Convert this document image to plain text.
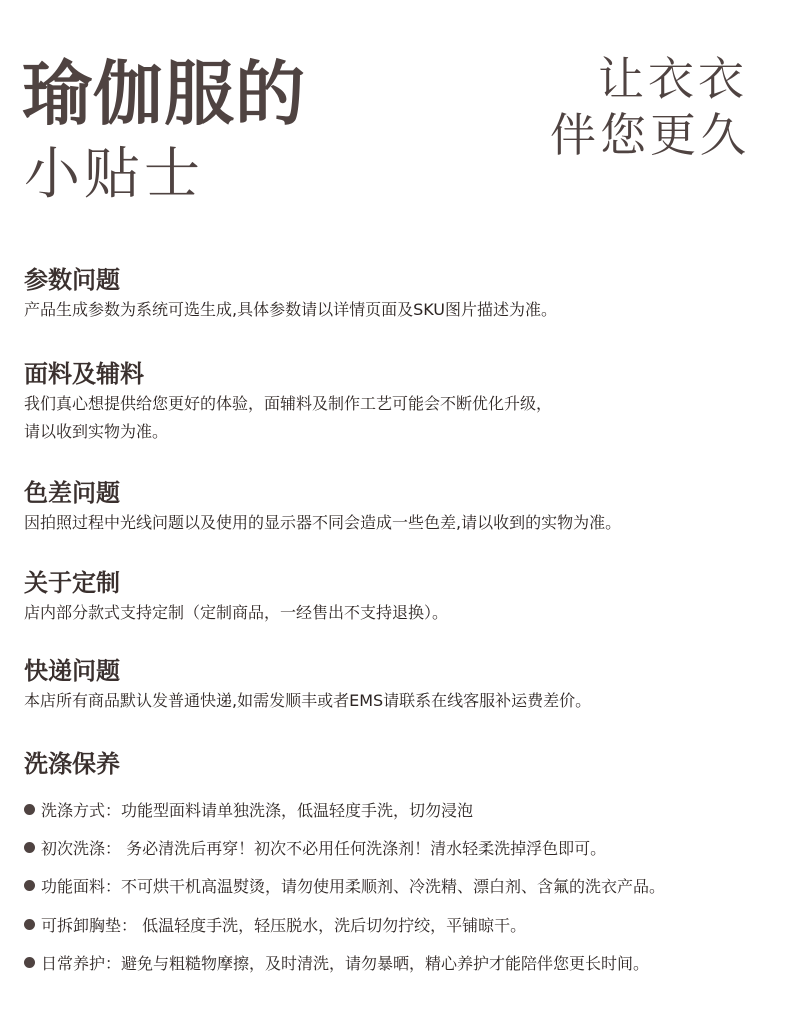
瑜伽服的
小贴士
让衣衣
伴您更久
参数问题

产品生成参数为系统可选生成,具体参数请以详情页面及SKU图片描述为准。

面料及辅料

我们真心想提供给您更好的体验，面辅料及制作工艺可能会不断优化升级，

请以收到实物为准。

色差问题

因拍照过程中光线问题以及使用的显示器不同会造成一些色差,请以收到的实物为准。

关于定制

店内部分款式支持定制（定制商品，一经售出不支持退换）。

快递问题

本店所有商品默认发普通快递,如需发顺丰或者EMS请联系在线客服补运费差价。

洗涤保养
洗涤方式：功能型面料请单独洗涤，低温轻度手洗，切勿浸泡
初次洗涤： 务必清洗后再穿！初次不必用任何洗涤剂！清水轻柔洗掉浮色即可。
功能面料：不可烘干机高温熨烫，请勿使用柔顺剂、冷洗精、漂白剂、含氟的洗衣产品。
可拆卸胸垫： 低温轻度手洗，轻压脱水，洗后切勿拧绞，平铺晾干。
日常养护：避免与粗糙物摩擦，及时清洗，请勿暴晒，精心养护才能陪伴您更长时间。
